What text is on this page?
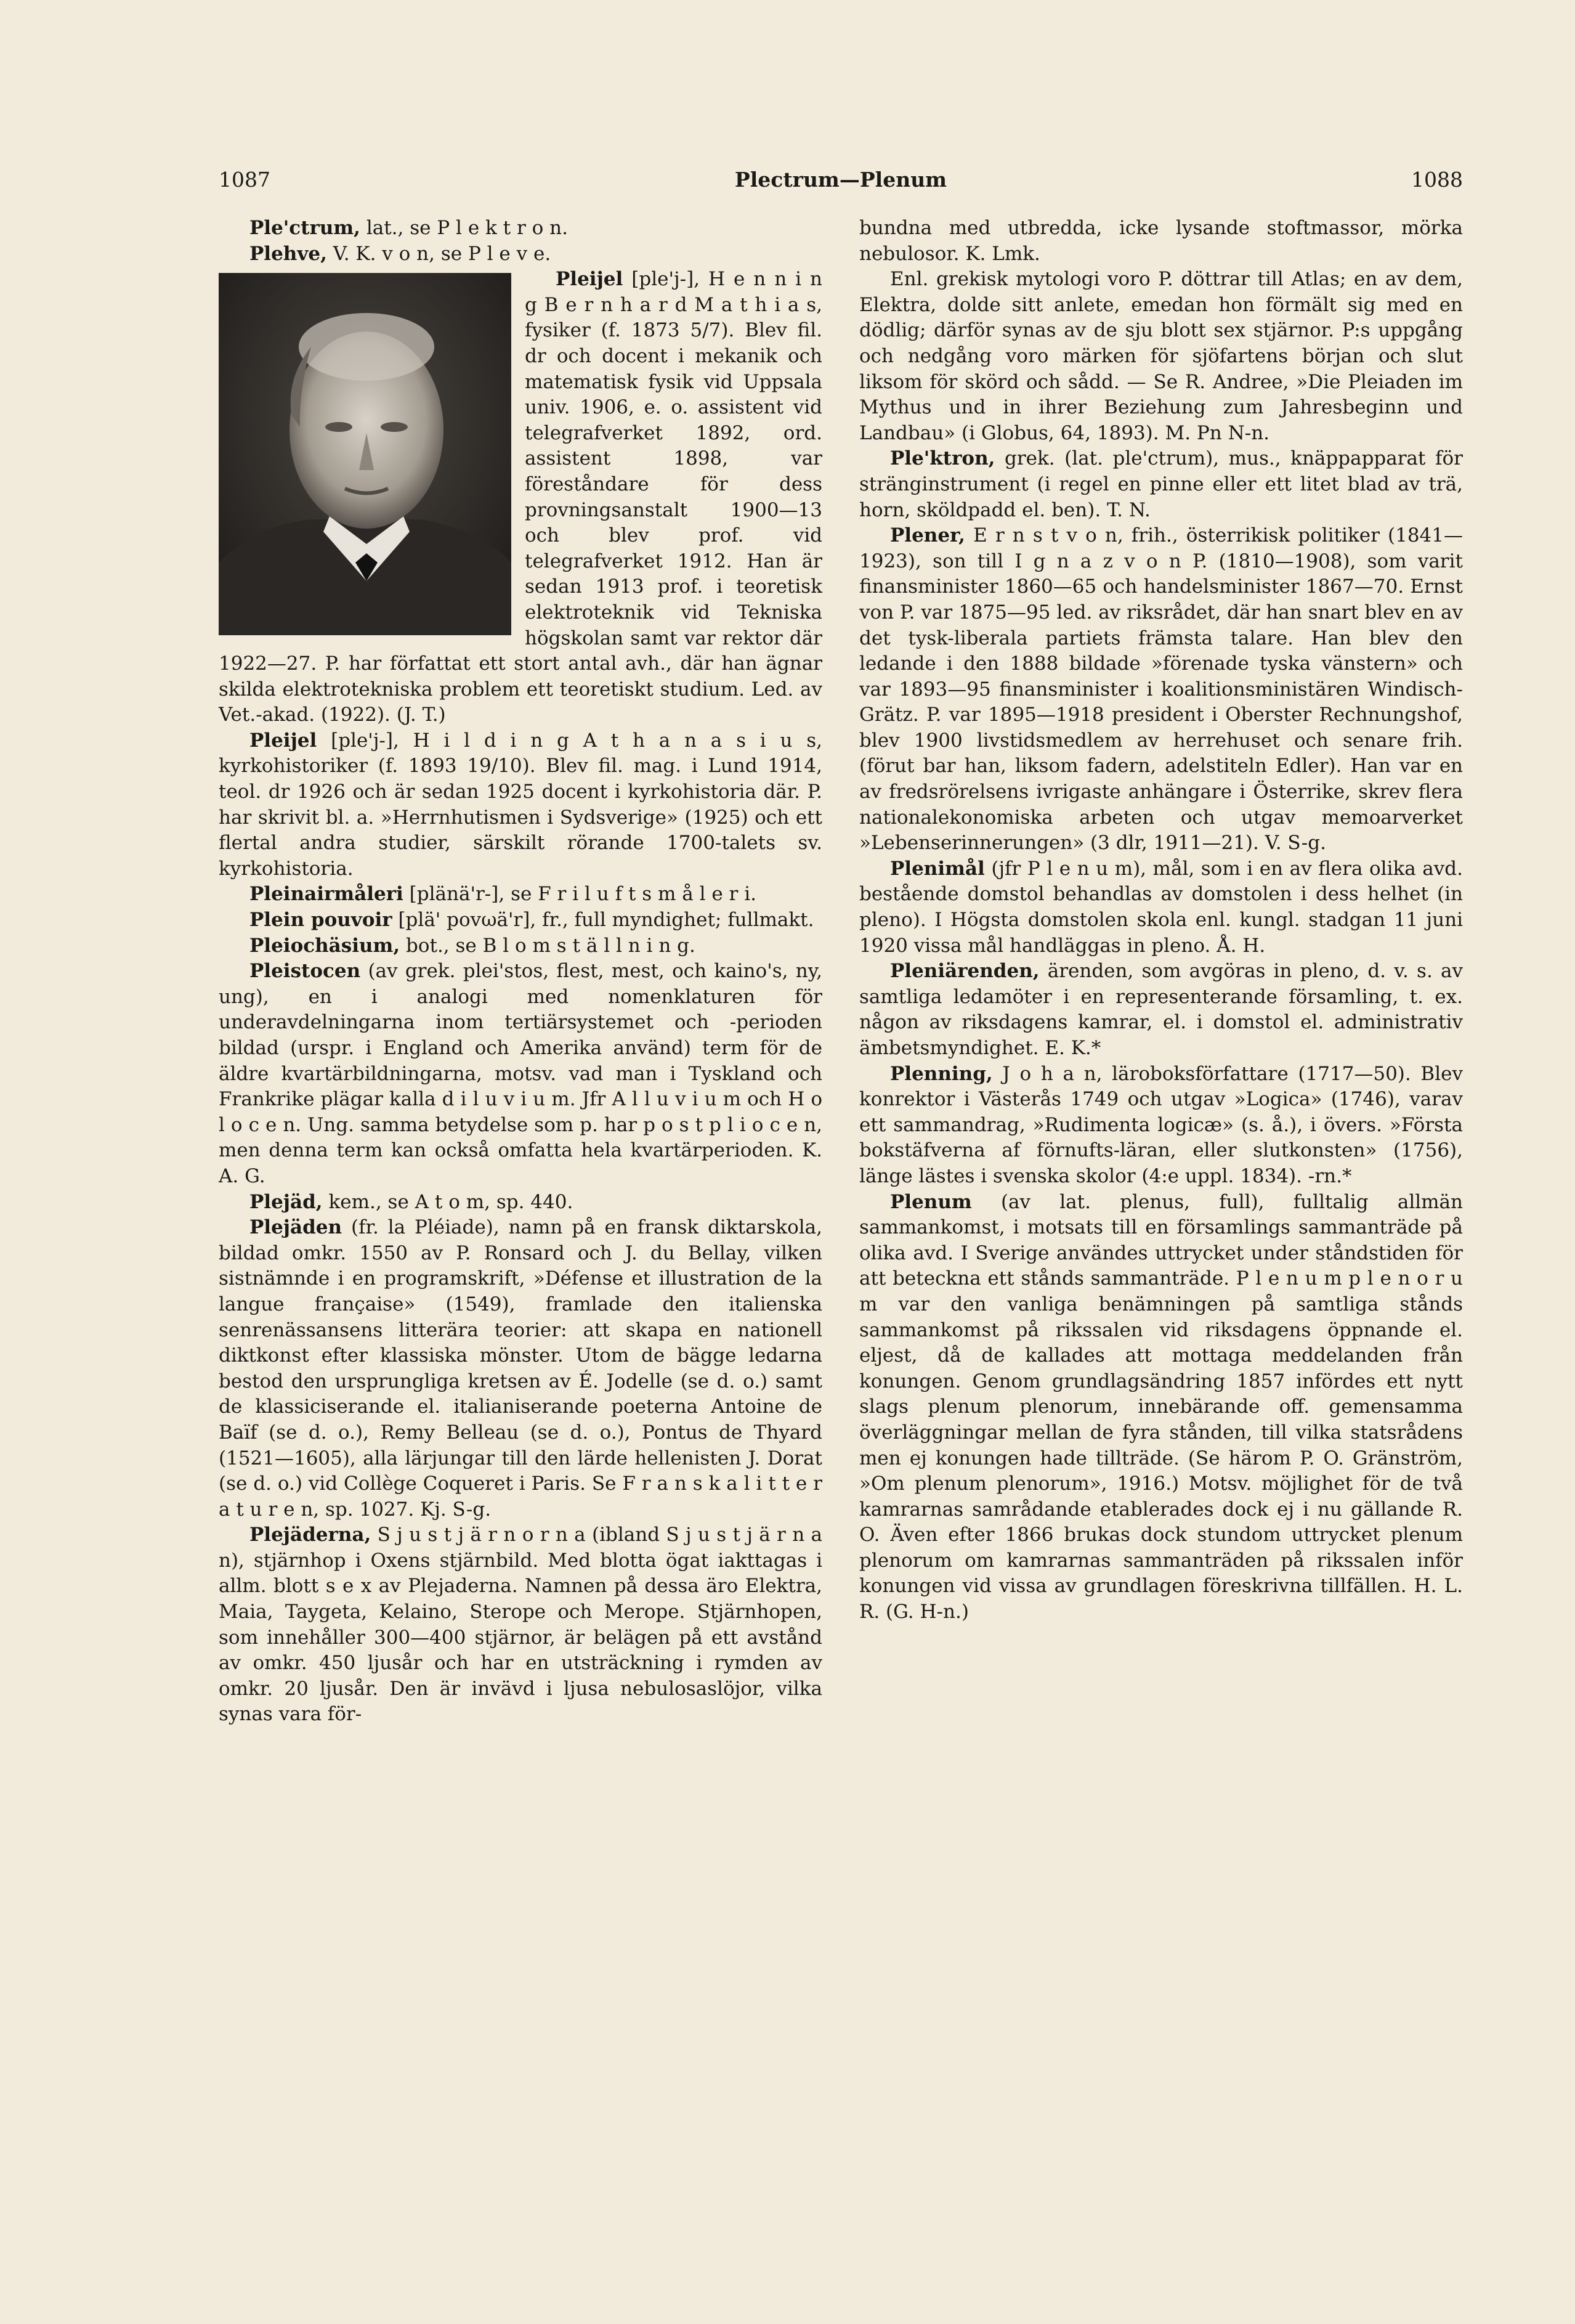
1087	Plectrum—Plenum	1088

Ple'ctrum, lat., se P l e k t r o n.

Plehve, V. K. v o n, se P l e v e.

Pleijel [ple'j-], H e n n i n g B e r n h a r d M a t h i a s, fysiker (f. 1873 5/7). Blev fil. dr och docent i mekanik och matematisk fysik vid Uppsala univ. 1906, e. o. assistent vid telegrafverket 1892, ord. assistent 1898, var föreståndare för dess provningsanstalt 1900—13 och blev prof. vid telegrafverket 1912. Han är sedan 1913 prof. i teoretisk elektroteknik vid Tekniska högskolan samt var rektor där 1922—27. P. har författat ett stort antal avh., där han ägnar skilda elektrotekniska problem ett teoretiskt studium. Led. av Vet.-akad. (1922). (J. T.)

Pleijel [ple'j-], H i l d i n g A t h a n a s i u s, kyrkohistoriker (f. 1893 19/10). Blev fil. mag. i Lund 1914, teol. dr 1926 och är sedan 1925 docent i kyrkohistoria där. P. har skrivit bl. a. »Herrnhutismen i Sydsverige» (1925) och ett flertal andra studier, särskilt rörande 1700-talets sv. kyrkohistoria.

Pleinairmåleri [plänä'r-], se F r i l u f t s m å l e r i.

Plein pouvoir [plä' povωä'r], fr., full myndighet; fullmakt.

Pleiochäsium, bot., se B l o m s t ä l l n i n g.

Pleistocen (av grek. plei'stos, flest, mest, och kaino's, ny, ung), en i analogi med nomenklaturen för underavdelningarna inom tertiärsystemet och -perioden bildad (urspr. i England och Amerika använd) term för de äldre kvartärbildningarna, motsv. vad man i Tyskland och Frankrike plägar kalla d i l u v i u m. Jfr A l l u v i u m och H o l o c e n. Ung. samma betydelse som p. har p o s t p l i o c e n, men denna term kan också omfatta hela kvartärperioden. K. A. G.

Plejäd, kem., se A t o m, sp. 440.

Plejäden (fr. la Pléiade), namn på en fransk diktarskola, bildad omkr. 1550 av P. Ronsard och J. du Bellay, vilken sistnämnde i en programskrift, »Défense et illustration de la langue française» (1549), framlade den italienska senrenässansens litterära teorier: att skapa en nationell diktkonst efter klassiska mönster. Utom de bägge ledarna bestod den ursprungliga kretsen av É. Jodelle (se d. o.) samt de klassiciserande el. italianiserande poeterna Antoine de Baïf (se d. o.), Remy Belleau (se d. o.), Pontus de Thyard (1521—1605), alla lärjungar till den lärde hellenisten J. Dorat (se d. o.) vid Collège Coqueret i Paris. Se F r a n s k a l i t t e r a t u r e n, sp. 1027. Kj. S-g.

Plejäderna, S j u s t j ä r n o r n a (ibland S j u s t j ä r n a n), stjärnhop i Oxens stjärnbild. Med blotta ögat iakttagas i allm. blott s e x av Plejaderna. Namnen på dessa äro Elektra, Maia, Taygeta, Kelaino, Sterope och Merope. Stjärnhopen, som innehåller 300—400 stjärnor, är belägen på ett avstånd av omkr. 450 ljusår och har en utsträckning i rymden av omkr. 20 ljusår. Den är invävd i ljusa nebulosaslöjor, vilka synas vara för-

bundna med utbredda, icke lysande stoftmassor, mörka nebulosor. K. Lmk.

Enl. grekisk mytologi voro P. döttrar till Atlas; en av dem, Elektra, dolde sitt anlete, emedan hon förmält sig med en dödlig; därför synas av de sju blott sex stjärnor. P:s uppgång och nedgång voro märken för sjöfartens början och slut liksom för skörd och sådd. — Se R. Andree, »Die Pleiaden im Mythus und in ihrer Beziehung zum Jahresbeginn und Landbau» (i Globus, 64, 1893). M. Pn N-n.

Ple'ktron, grek. (lat. ple'ctrum), mus., knäppapparat för stränginstrument (i regel en pinne eller ett litet blad av trä, horn, sköldpadd el. ben). T. N.

Plener, E r n s t v o n, frih., österrikisk politiker (1841—1923), son till I g n a z v o n P. (1810—1908), som varit finansminister 1860—65 och handelsminister 1867—70. Ernst von P. var 1875—95 led. av riksrådet, där han snart blev en av det tysk-liberala partiets främsta talare. Han blev den ledande i den 1888 bildade »förenade tyska vänstern» och var 1893—95 finansminister i koalitionsministären Windisch-Grätz. P. var 1895—1918 president i Oberster Rechnungshof, blev 1900 livstidsmedlem av herrehuset och senare frih. (förut bar han, liksom fadern, adelstiteln Edler). Han var en av fredsrörelsens ivrigaste anhängare i Österrike, skrev flera nationalekonomiska arbeten och utgav memoarverket »Lebenserinnerungen» (3 dlr, 1911—21). V. S-g.

Plenimål (jfr P l e n u m), mål, som i en av flera olika avd. bestående domstol behandlas av domstolen i dess helhet (in pleno). I Högsta domstolen skola enl. kungl. stadgan 11 juni 1920 vissa mål handläggas in pleno. Å. H.

Pleniärenden, ärenden, som avgöras in pleno, d. v. s. av samtliga ledamöter i en representerande församling, t. ex. någon av riksdagens kamrar, el. i domstol el. administrativ ämbetsmyndighet. E. K.*

Plenning, J o h a n, läroboksförfattare (1717—50). Blev konrektor i Västerås 1749 och utgav »Logica» (1746), varav ett sammandrag, »Rudimenta logicæ» (s. å.), i övers. »Första bokstäfverna af förnufts-läran, eller slutkonsten» (1756), länge lästes i svenska skolor (4:e uppl. 1834). -rn.*

Plenum (av lat. plenus, full), fulltalig allmän sammankomst, i motsats till en församlings sammanträde på olika avd. I Sverige användes uttrycket under ståndstiden för att beteckna ett stånds sammanträde. P l e n u m p l e n o r u m var den vanliga benämningen på samtliga stånds sammankomst på rikssalen vid riksdagens öppnande el. eljest, då de kallades att mottaga meddelanden från konungen. Genom grundlagsändring 1857 infördes ett nytt slags plenum plenorum, innebärande off. gemensamma överläggningar mellan de fyra stånden, till vilka statsrådens men ej konungen hade tillträde. (Se härom P. O. Gränström, »Om plenum plenorum», 1916.) Motsv. möjlighet för de två kamrarnas samrådande etablerades dock ej i nu gällande R. O. Även efter 1866 brukas dock stundom uttrycket plenum plenorum om kamrarnas sammanträden på rikssalen inför konungen vid vissa av grundlagen föreskrivna tillfällen. H. L. R. (G. H-n.)
